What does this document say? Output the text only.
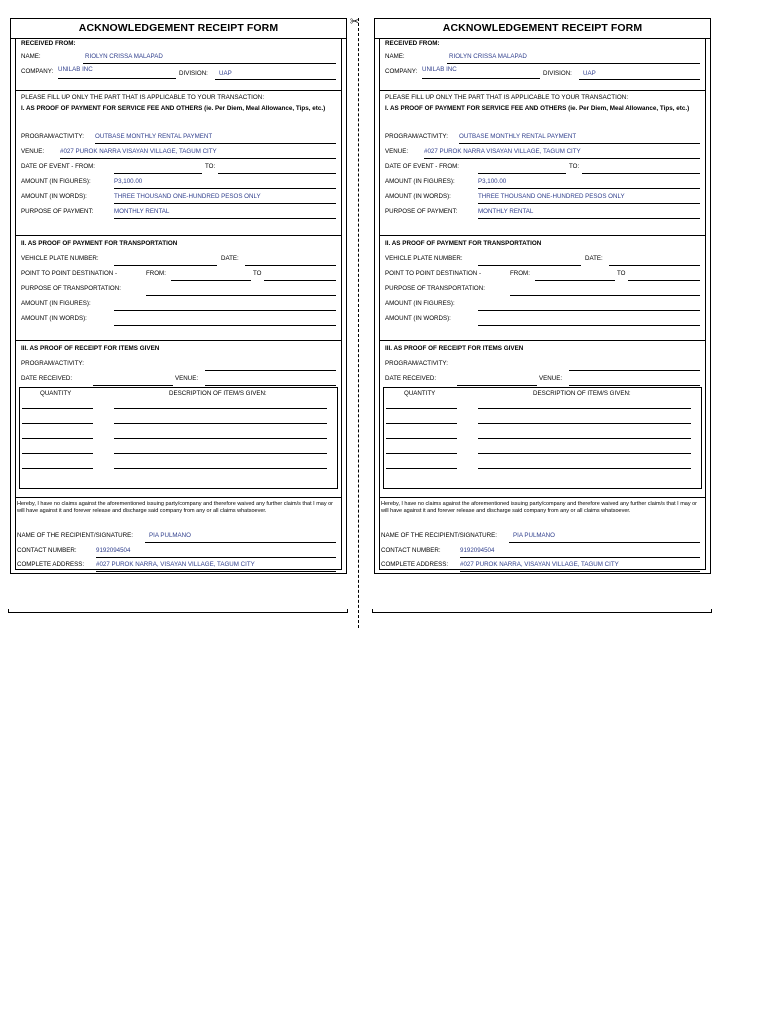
ACKNOWLEDGEMENT RECEIPT FORM
RECEIVED FROM:
NAME:	RIOLYN CRISSA MALAPAD
COMPANY: UNILAB INC
DIVISION: UAP
PLEASE FILL UP ONLY THE PART THAT IS APPLICABLE TO YOUR TRANSACTION:
I. AS PROOF OF PAYMENT FOR SERVICE FEE AND OTHERS (ie. Per Diem, Meal Allowance, Tips, etc.)
PROGRAM/ACTIVITY: OUTBASE MONTHLY RENTAL PAYMENT
VENUE:	#027 PUROK NARRA VISAYAN VILLAGE, TAGUM CITY
DATE OF EVENT - FROM:	TO:
AMOUNT (IN FIGURES):	P3,100.00
AMOUNT (IN WORDS):	THREE THOUSAND ONE-HUNDRED PESOS ONLY
PURPOSE OF PAYMENT:	MONTHLY RENTAL
II. AS PROOF OF PAYMENT FOR TRANSPORTATION
VEHICLE PLATE NUMBER:	DATE:
POINT TO POINT DESTINATION -	FROM:	TO
PURPOSE OF TRANSPORTATION:
AMOUNT (IN FIGURES):
AMOUNT (IN WORDS):
III. AS PROOF OF RECEIPT FOR ITEMS GIVEN
PROGRAM/ACTIVITY:
DATE RECEIVED:	VENUE:
QUANTITY	DESCRIPTION OF ITEM/S GIVEN:
Hereby, I have no claims against the aforementioned issuing party/company and therefore waived any further claim/s that I may or will have against it and forever release and discharge said company from any or all claims whatsoever.
NAME OF THE RECIPIENT/SIGNATURE:	PIA PULMANO
CONTACT NUMBER:	9192094504
COMPLETE ADDRESS: #027 PUROK NARRA, VISAYAN VILLAGE, TAGUM CITY
ACKNOWLEDGEMENT RECEIPT FORM
RECEIVED FROM:
NAME:	RIOLYN CRISSA MALAPAD
COMPANY: UNILAB INC
DIVISION: UAP
PLEASE FILL UP ONLY THE PART THAT IS APPLICABLE TO YOUR TRANSACTION:
I. AS PROOF OF PAYMENT FOR SERVICE FEE AND OTHERS (ie. Per Diem, Meal Allowance, Tips, etc.)
PROGRAM/ACTIVITY: OUTBASE MONTHLY RENTAL PAYMENT
VENUE:	#027 PUROK NARRA VISAYAN VILLAGE, TAGUM CITY
DATE OF EVENT - FROM:	TO:
AMOUNT (IN FIGURES):	P3,100.00
AMOUNT (IN WORDS):	THREE THOUSAND ONE-HUNDRED PESOS ONLY
PURPOSE OF PAYMENT:	MONTHLY RENTAL
II. AS PROOF OF PAYMENT FOR TRANSPORTATION
VEHICLE PLATE NUMBER:	DATE:
POINT TO POINT DESTINATION -	FROM:	TO
PURPOSE OF TRANSPORTATION:
AMOUNT (IN FIGURES):
AMOUNT (IN WORDS):
III. AS PROOF OF RECEIPT FOR ITEMS GIVEN
PROGRAM/ACTIVITY:
DATE RECEIVED:	VENUE:
QUANTITY	DESCRIPTION OF ITEM/S GIVEN:
Hereby, I have no claims against the aforementioned issuing party/company and therefore waived any further claim/s that I may or will have against it and forever release and discharge said company from any or all claims whatsoever.
NAME OF THE RECIPIENT/SIGNATURE:	PIA PULMANO
CONTACT NUMBER:	9192094504
COMPLETE ADDRESS: #027 PUROK NARRA, VISAYAN VILLAGE, TAGUM CITY
✂
